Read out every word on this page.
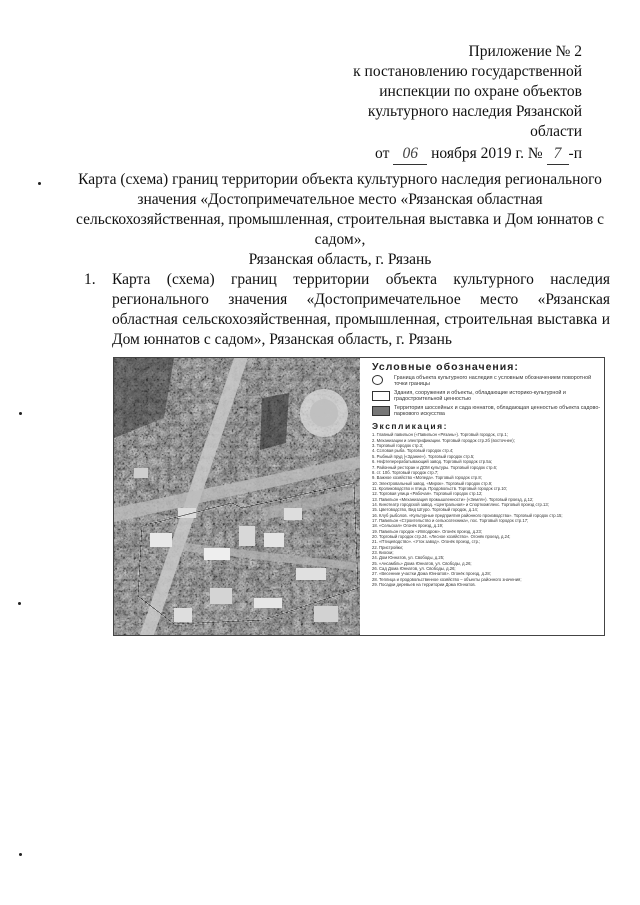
Приложение № 2
к постановлению государственной
инспекции по охране объектов
культурного наследия Рязанской
области
от 06 ноября 2019 г. № 7 -п
Карта (схема) границ территории объекта культурного наследия регионального
значения «Достопримечательное место «Рязанская областная
сельскохозяйственная, промышленная, строительная выставка и Дом юннатов с
садом»,
Рязанская область, г. Рязань
1. Карта (схема) границ территории объекта культурного наследия регионального значения «Достопримечательное место «Рязанская областная сельскохозяйственная, промышленная, строительная выставка и Дом юннатов с садом», Рязанская область, г. Рязань
Условные обозначения:
Граница объекта культурного наследия с условным обозначением поворотной точки границы
Здания, сооружения и объекты, обладающие историко-культурной и градостроительной ценностью
Территория шоссейных и сада юннатов, обладающая ценностью объекта садово-паркового искусства
Экспликация:
1. Главный павильон («Павильон «Рязань»). Торговый городок, стр.1;
2. Механизации и электрификации. Торговый городок стр.2б (восточнее);
3. Торговый городок стр.3;
4. Ссловая рыба. Торговый городок стр.4;
5. Рыбный пруд («Здание»). Торговый городок стр.5;
6. Нефтеперерабатывающий завод. Торговый городок стр.5а;
7. Районный ресторан и ДОМ культуры. Торговый городок стр.6;
8. ст. 10б. Торговый городок стр.7;
9. Важное хозяйство «Мопеда». Торговый городок стр.8;
10. Электровальный завод. «Мирок». Торговый городок стр.9;
11. Кролиководство и птица. Продовольств. Торговый городок стр.10;
12. Торговая улица «Рабочая». Торговый городок стр.12;
13. Павильон «Механизация промышленности» («Земля»). Торговый проезд, д.12;
14. Кинотеатр городской завод. «Центральная» и Спорткомплекс. Торговый проезд стр.13;
15. Цветоводство, Вид Штуро. Торговый городок, д.14;
16. Клуб рыболов. «Культурные предприятия районного производства». Торговый городок стр.15;
17. Павильон «Строительство и сельхозтехника», пос. Торговый городок стр.17;
18. «Сельская» Огонёк проезд, д.19;
19. Павильон городок «Ипподром». Огонёк проезд, д.23;
20. Торговый городок стр.24. «Лесное хозяйство». Огонёк проезд, д.24;
21. «Птицеводство». «Уток завод». Огонёк проезд, стр.;
22. Пристройки;
23. Киоски;
24. Дом Юннатов, ул. Свободы, д.25;
25. «Ансамбль» Дома Юннатов, ул. Свободы, д.26;
26. Сад Дома Юннатов, ул. Свободы, д.26;
27. «Весенние участки Дома Юннатов». Огонёк проезд, д.28;
28. Теплица и продовольственное хозяйство – объекты районного значения;
29. Посадки деревьев на территории Дома Юннатов.
